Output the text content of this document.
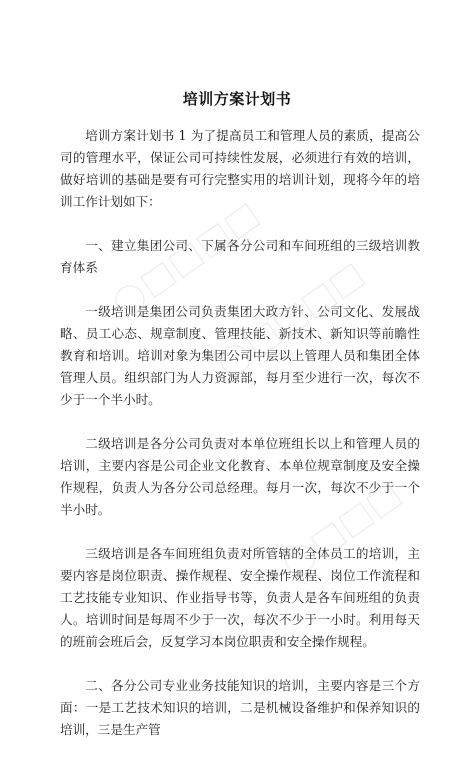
培训方案计划书

培训方案计划书 1 为了提高员工和管理人员的素质，提高公司的管理水平，保证公司可持续性发展，必须进行有效的培训，做好培训的基础是要有可行完整实用的培训计划，现将今年的培训工作计划如下：

一、建立集团公司、下属各分公司和车间班组的三级培训教育体系

一级培训是集团公司负责集团大政方针、公司文化、发展战略、员工心态、规章制度、管理技能、新技术、新知识等前瞻性教育和培训。培训对象为集团公司中层以上管理人员和集团全体管理人员。组织部门为人力资源部，每月至少进行一次，每次不少于一个半小时。

二级培训是各分公司负责对本单位班组长以上和管理人员的培训，主要内容是公司企业文化教育、本单位规章制度及安全操作规程，负责人为各分公司总经理。每月一次，每次不少于一个半小时。

三级培训是各车间班组负责对所管辖的全体员工的培训，主要内容是岗位职责、操作规程、安全操作规程、岗位工作流程和工艺技能专业知识、作业指导书等，负责人是各车间班组的负责人。培训时间是每周不少于一次，每次不少于一小时。利用每天的班前会班后会，反复学习本岗位职责和安全操作规程。

二、各分公司专业业务技能知识的培训，主要内容是三个方面：一是工艺技术知识的培训，二是机械设备维护和保养知识的培训，三是生产管
